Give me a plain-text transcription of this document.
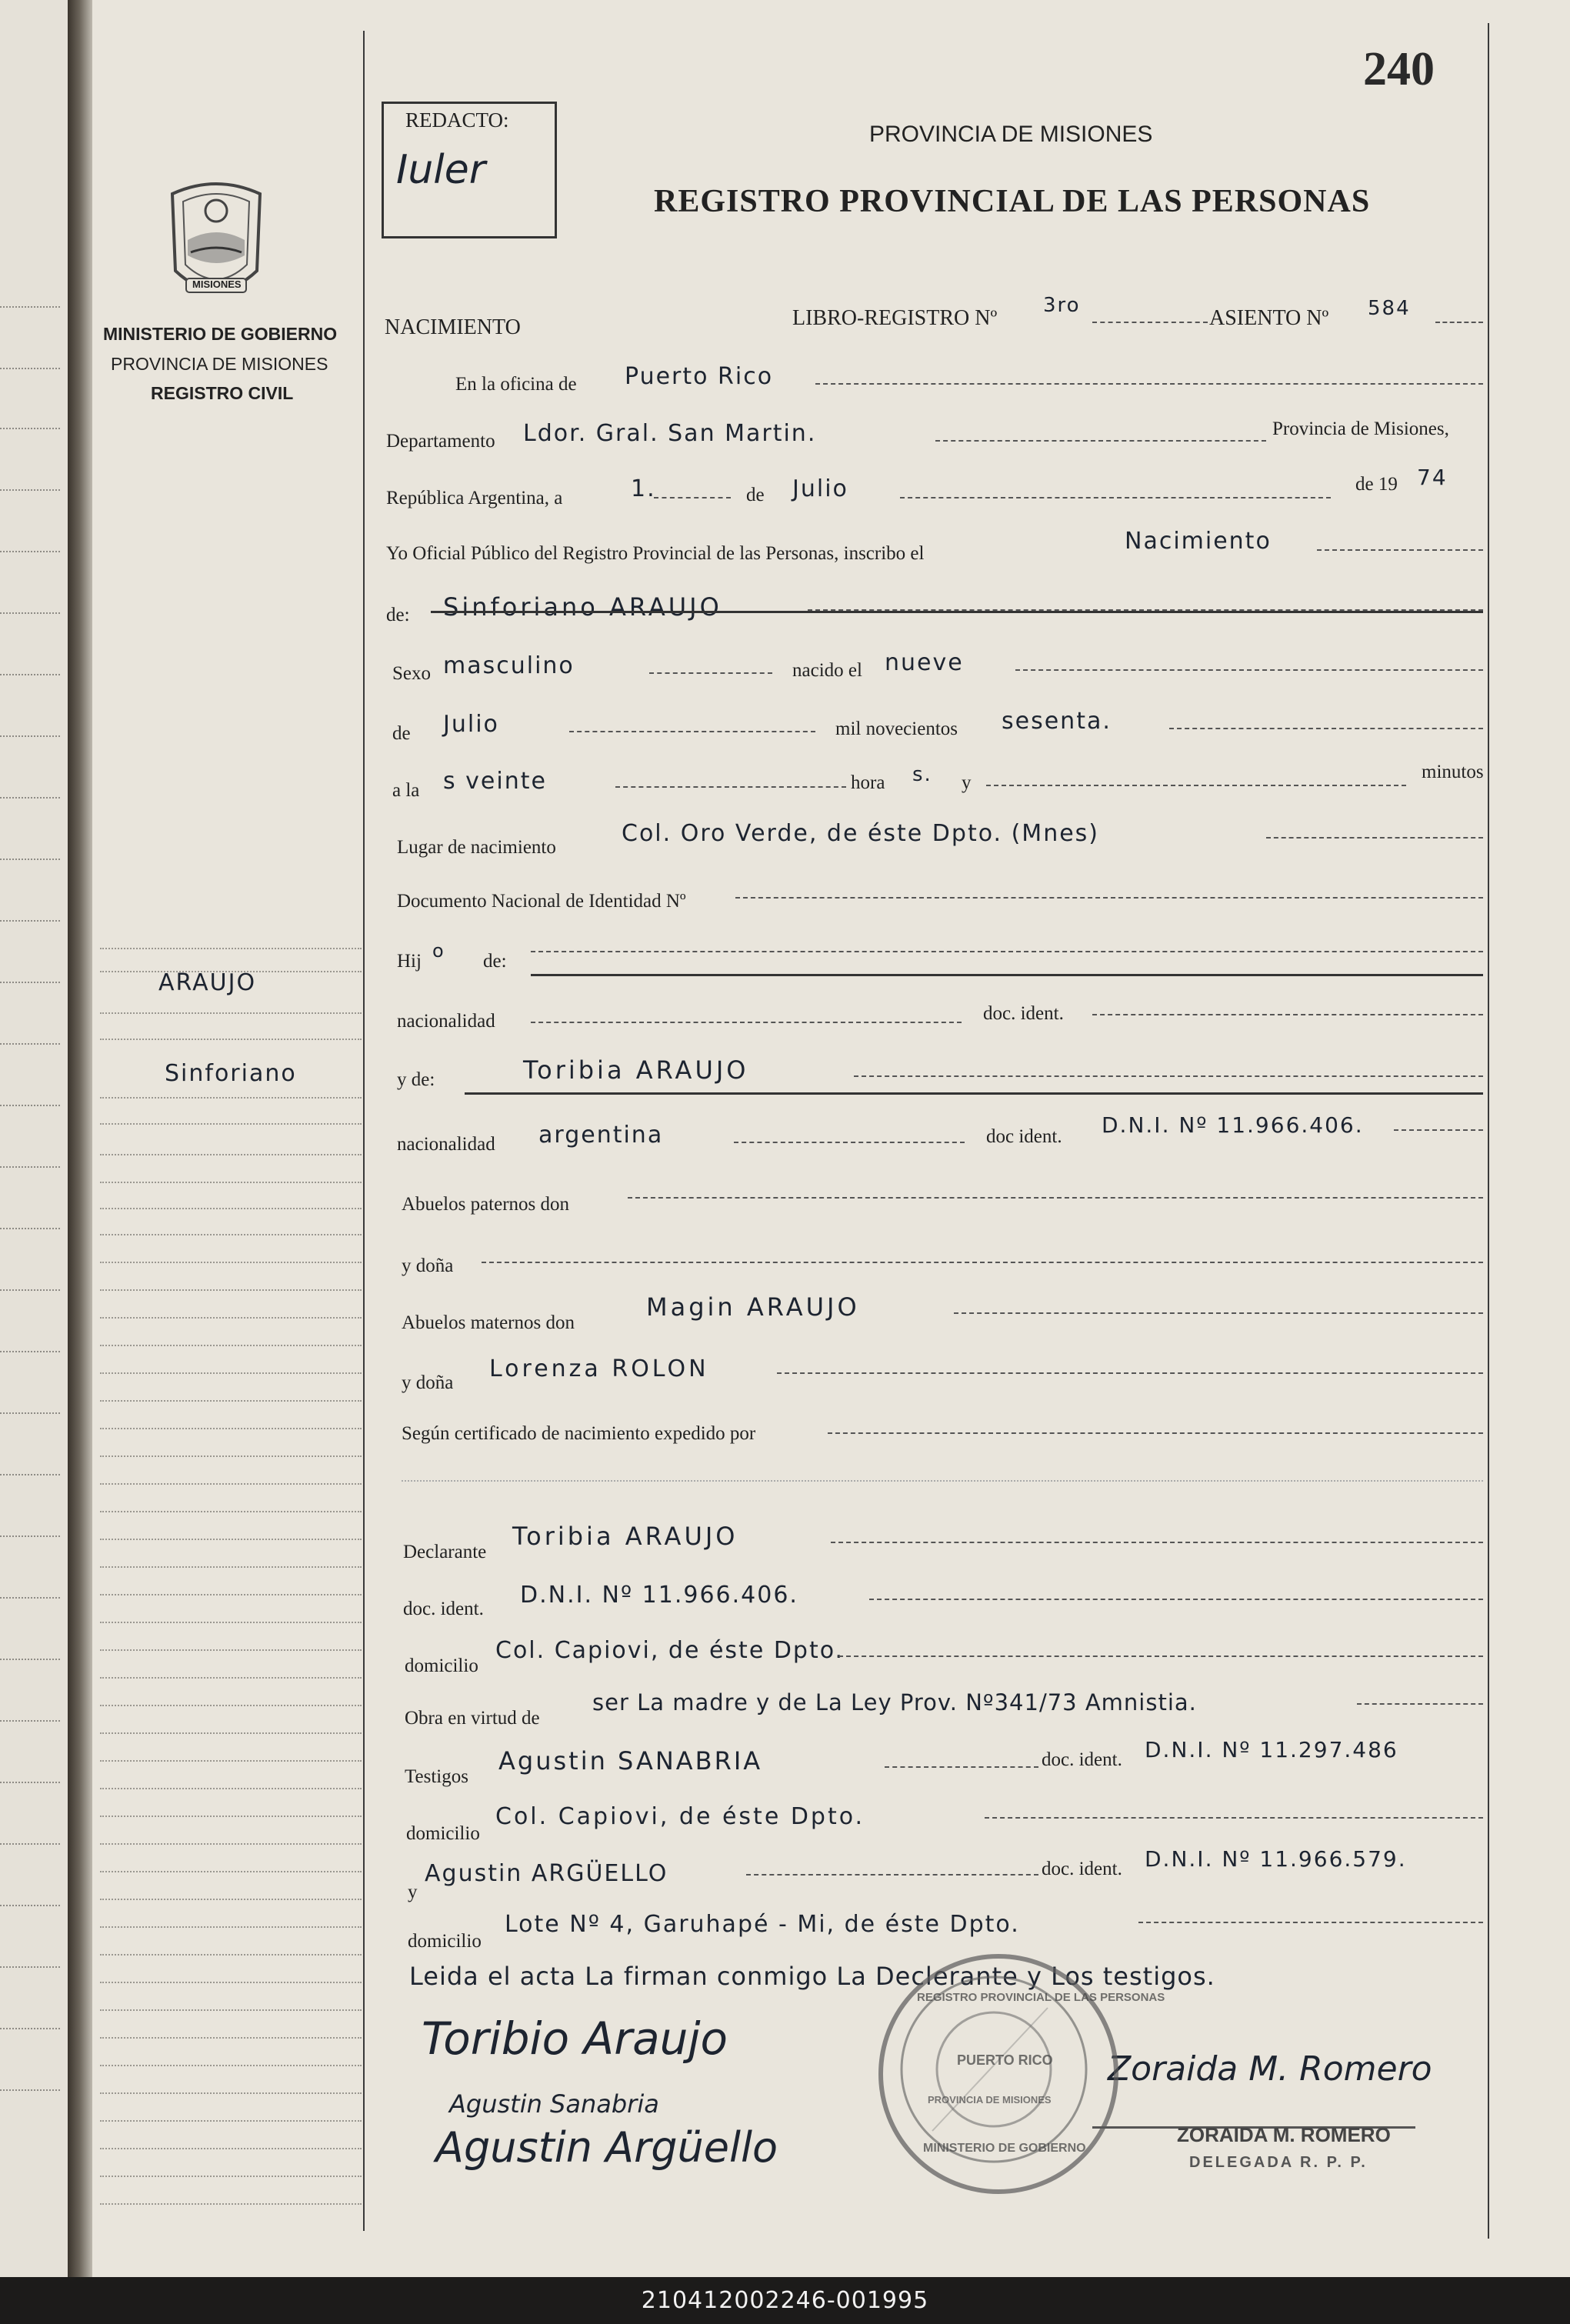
240
REDACTO:
Iuler
PROVINCIA DE MISIONES
REGISTRO PROVINCIAL DE LAS PERSONAS
MISIONES
MINISTERIO DE GOBIERNO
PROVINCIA DE MISIONES
REGISTRO CIVIL
ARAUJO
Sinforiano
NACIMIENTO	LIBRO-REGISTRO Nº
3ro
ASIENTO Nº 584
En la oficina de Puerto Rico
Departamento Ldor. Gral. San Martin.	Provincia de Misiones,
República Argentina, a	1.	de Julio	de 19 74
Yo Oficial Público del Registro Provincial de las Personas, inscribo el	Nacimiento
de: Sinforiano ARAUJO
Sexo masculino	nacido el nueve
de Julio	mil novecientos sesenta.
a la s veinte	hora s. y
minutos
Lugar de nacimiento
Col. Oro Verde, de éste Dpto. (Mnes)
Documento Nacional de Identidad Nº
Hij o de:
nacionalidad	doc. ident.
y de:	Toribia ARAUJO
nacionalidad argentina	doc ident. D.N.I. Nº 11.966.406.
Abuelos paternos don
y doña
Abuelos maternos don
Magin ARAUJO
y doña
Lorenza ROLON
Según certificado de nacimiento expedido por
Declarante
Toribia ARAUJO
doc. ident.
D.N.I. Nº 11.966.406.
domicilio
Col. Capiovi, de éste Dpto.
Obra en virtud de
ser La madre y de La Ley Prov. Nº341/73 Amnistia.
Testigos
Agustin SANABRIA	doc. ident. D.N.I. Nº 11.297.486
domicilio
Col. Capiovi, de éste Dpto.
y
Agustin ARGÜELLO	doc. ident. D.N.I. Nº 11.966.579.
domicilio
Lote Nº 4, Garuhapé - Mi, de éste Dpto.
Leida el acta La firman conmigo La Declerante y Los testigos.
Toribio Araujo
Agustin Sanabria
Agustin Argüello
Zoraida M. Romero
ZORAIDA M. ROMERO
DELEGADA R. P. P.
REGISTRO PROVINCIAL DE LAS PERSONAS
PUERTO RICO
PROVINCIA DE MISIONES
MINISTERIO DE GOBIERNO
210412002246-001995
